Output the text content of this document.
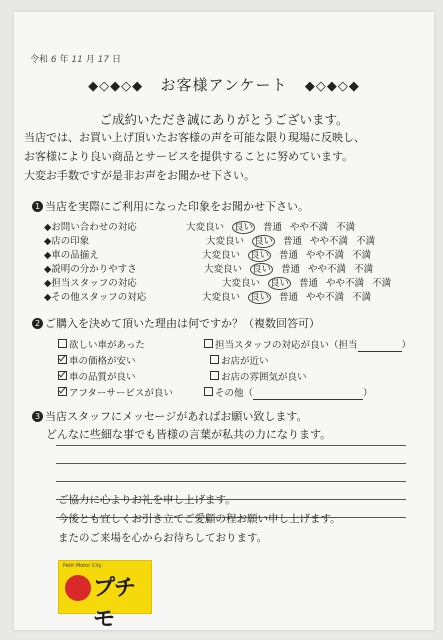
令和 6 年 11 月 17 日
◆◇◆◇◆ お客様アンケート ◆◇◆◇◆
ご成約いただき誠にありがとうございます。
当店では、お買い上げ頂いたお客様の声を可能な限り現場に反映し、
お客様により良い商品とサービスを提供することに努めています。
大変お手数ですが是非お声をお聞かせ下さい。
1 当店を実際にご利用になった印象をお聞かせ下さい。
2 ご購入を決めて頂いた理由は何ですか？（複数回答可）
欲しい車があった	担当スタッフの対応が良い（担当	）
車の価格が安い	お店が近い
車の品質が良い	お店の雰囲気が良い
アフターサービスが良い	その他（	）
3 当店スタッフにメッセージがあればお願い致します。
どんなに些細な事でも皆様の言葉が私共の力になります。
ご協力に心よりお礼を申し上げます。
今後とも宜しくお引き立てご愛顧の程お願い申し上げます。
またのご来場を心からお待ちしております。
Petit Motor City
プチモ
◆お問い合わせの対応	大変良い 良い 普通 やや不満 不満
◆店の印象	大変良い 良い 普通 やや不満 不満
◆車の品揃え	大変良い 良い 普通 やや不満 不満
◆説明の分かりやすさ	大変良い 良い 普通 やや不満 不満
◆担当スタッフの対応	大変良い 良い 普通 やや不満 不満
◆その他スタッフの対応	大変良い 良い 普通 やや不満 不満
